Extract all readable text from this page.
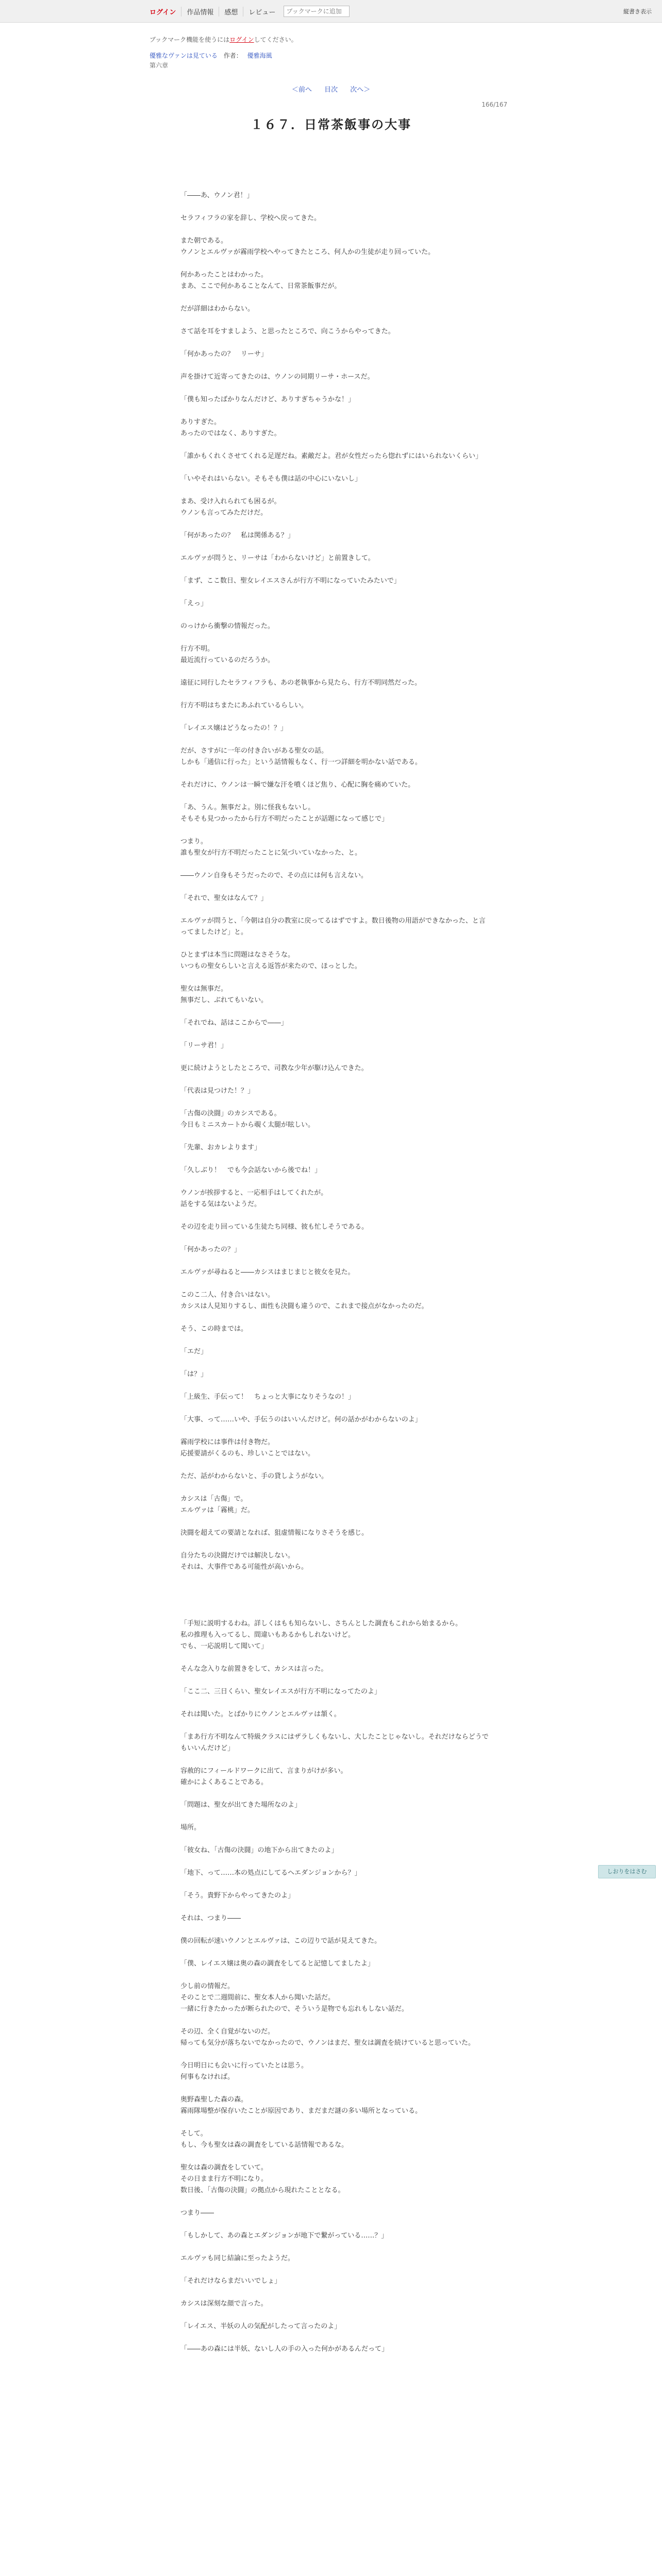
ログイン	作品情報	感想	レビュー
ブックマークに追加	縦書き表示
ブックマーク機能を使うにはログインしてください。
優雅なヴァンは見ている 作者： 優雅海風
第六章
＜前へ 目次 次へ＞
166/167
１６７．日常茶飯事の大事
「――あ、ウノン君！」
セラフィフラの家を辞し、学校へ戻ってきた。
また朝である。
ウノンとエルヴァが霧雨学校へやってきたところ、何人かの生徒が走り回っていた。
何かあったことはわかった。
まあ、ここで何かあることなんて、日常茶飯事だが。
だが詳細はわからない。
さて話を耳をすましよう、と思ったところで、向こうからやってきた。
「何かあったの？　リーサ」
声を掛けて近寄ってきたのは、ウノンの同期リーサ・ホースだ。
「僕も知ったばかりなんだけど、ありすぎちゃうかな！」
ありすぎた。
あったのではなく、ありすぎた。
「誰かもくれくさせてくれる足遅だね。素敵だよ。君が女性だったら惚れずにはいられないくらい」
「いやそれはいらない。そもそも僕は話の中心にいないし」
まあ、受け入れられても困るが。
ウノンも言ってみただけだ。
「何があったの？　私は関係ある？」
エルヴァが問うと、リーサは「わからないけど」と前置きして。
「まず、ここ数日、聖女レイエスさんが行方不明になっていたみたいで」
「えっ」
のっけから衝撃の情報だった。
行方不明。
最近流行っているのだろうか。
遠征に同行したセラフィフラも、あの老執事から見たら、行方不明同然だった。
行方不明はちまたにあふれているらしい。
「レイエス嬢はどうなったの！？」
だが、さすがに一年の付き合いがある聖女の話。
しかも「通信に行った」という話情報もなく、行一つ詳細を明かない話である。
それだけに、ウノンは一瞬で嫌な汗を噴くほど焦り、心配に胸を痛めていた。
「あ、うん。無事だよ。別に怪我もないし。
そもそも見つかったから行方不明だったことが話題になって感じで」
つまり。
誰も聖女が行方不明だったことに気づいていなかった、と。
――ウノン自身もそうだったので、その点には何も言えない。
「それで、聖女はなんて？」
エルヴァが問うと、「今朝は自分の教室に戻ってるはずですよ。数日後物の用語ができなかった、と言ってましたけど」と。
ひとまずは本当に問題はなさそうな。
いつもの聖女らしいと言える返答が来たので、ほっとした。
聖女は無事だ。
無事だし、ぶれてもいない。
「それでね、話はここからで――」
「リーサ君！」
更に続けようとしたところで、司教な少年が駆け込んできた。
「代表は見つけた！？」
「古傷の決闘」のカシスである。
今日もミニスカートから覗く太腿が眩しい。
「先輩、おカレよります」
「久しぶり！　でも今会話ないから後でね！」
ウノンが挨拶すると、一応相手はしてくれたが。
話をする気はないようだ。
その辺を走り回っている生徒たち同様、彼も忙しそうである。
「何かあったの？」
エルヴァが尋ねると――カシスはまじまじと彼女を見た。
このこ二人、付き合いはない。
カシスは人見知りするし、面性も決闘も違うので、これまで接点がなかったのだ。
そう、この時までは。
「エだ」
「は？」
「上級生、手伝って！　ちょっと大事になりそうなの！」
「大事、って……いや、手伝うのはいいんだけど。何の話かがわからないのよ」
霧雨学校には事件は付き物だ。
応援要請がくるのも、珍しいことではない。
ただ、話がわからないと、手の貸しようがない。
カシスは「古傷」で。
エルヴァは「霧桃」だ。
決闘を超えての要請となれば、狙虚情報になりさそうを感じ。
自分たちの決闘だけでは解決しない。
それは、大事件である可能性が高いから。
「手短に説明するわね。詳しくはもも知らないし、さちんとした調査もこれから始まるから。
私の推理も入ってるし、間違いもあるかもしれないけど。
でも、一応説明して聞いて」
そんな念入りな前置きをして、カシスは言った。
「ここ二、三日くらい、聖女レイエスが行方不明になってたのよ」
それは聞いた。とばかりにウノンとエルヴァは頷く。
「まあ行方不明なんて特級クラスにはザラしくもないし、大したことじゃないし。それだけならどうでもいいんだけど」
容赦的にフィールドワークに出て、言まりがけが多い。
確かによくあることである。
「問題は、聖女が出てきた場所なのよ」
場所。
「彼女ね、「古傷の決闘」の地下から出てきたのよ」
「地下、って……本の処点にしてるヘエダンジョンから？」
「そう。貴野下からやってきたのよ」
それは、つまり――
僕の回転が速いウノンとエルヴァは、この辺りで話が見えてきた。
「僕、レイエス嬢は奥の森の調査をしてると記憶してましたよ」
少し前の情報だ。
そのことで二週間前に、聖女本人から聞いた話だ。
一緒に行きたかったが断られたので、そういう是物でも忘れもしない話だ。
その辺、全く自覚がないのだ。
帰っても気分が落ちないでなかったので、ウノンはまだ、聖女は調査を続けていると思っていた。
今日明日にも会いに行っていたとは思う。
何事もなければ。
奥野森聖した森の森。
霧雨隊場整が保存いたことが原因であり、まだまだ謎の多い場所となっている。
そして。
もし、今も聖女は森の調査をしている話情報であるな。
聖女は森の調査をしていて。
その日まま行方不明になり。
数日後、「古傷の決闘」の拠点から現れたこととなる。
つまり――
「もしかして、あの森とエダンジョンが地下で繋がっている……？」
エルヴァも同じ結論に至ったようだ。
「それだけならまだいいでしょ」
カシスは深刻な顔で言った。
「レイエス、半妖の人の気配がしたって言ったのよ」
「――あの森には半妖、ないし人の手の入った何かがあるんだって」
しおりをはさむ
